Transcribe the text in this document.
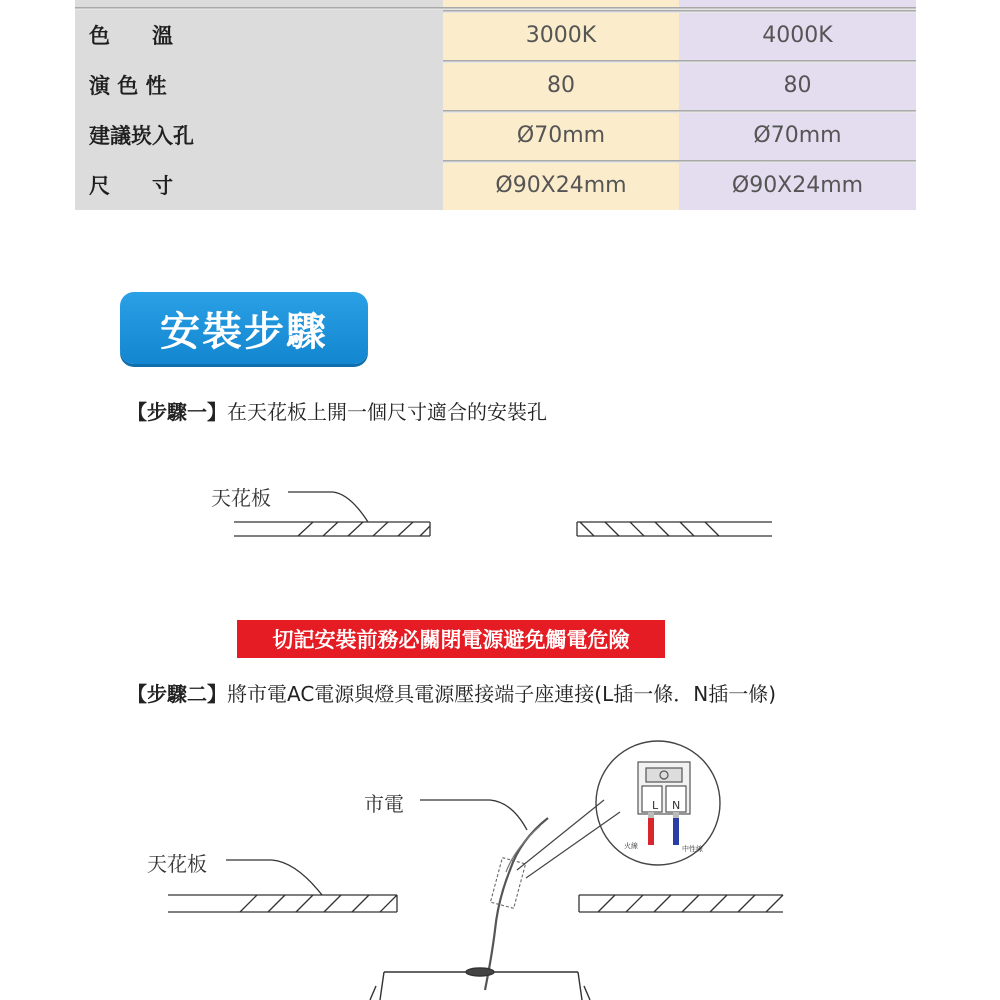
色　　溫	3000K	4000K
演 色 性	80	80
建議崁入孔	Ø70mm	Ø70mm
尺　　寸	Ø90X24mm	Ø90X24mm
安裝步驟
【步驟一】在天花板上開一個尺寸適合的安裝孔
天花板
切記安裝前務必關閉電源避免觸電危險
【步驟二】將市電AC電源與燈具電源壓接端子座連接(L插一條．N插一條)
市電
天花板
L N
火線	中性線
